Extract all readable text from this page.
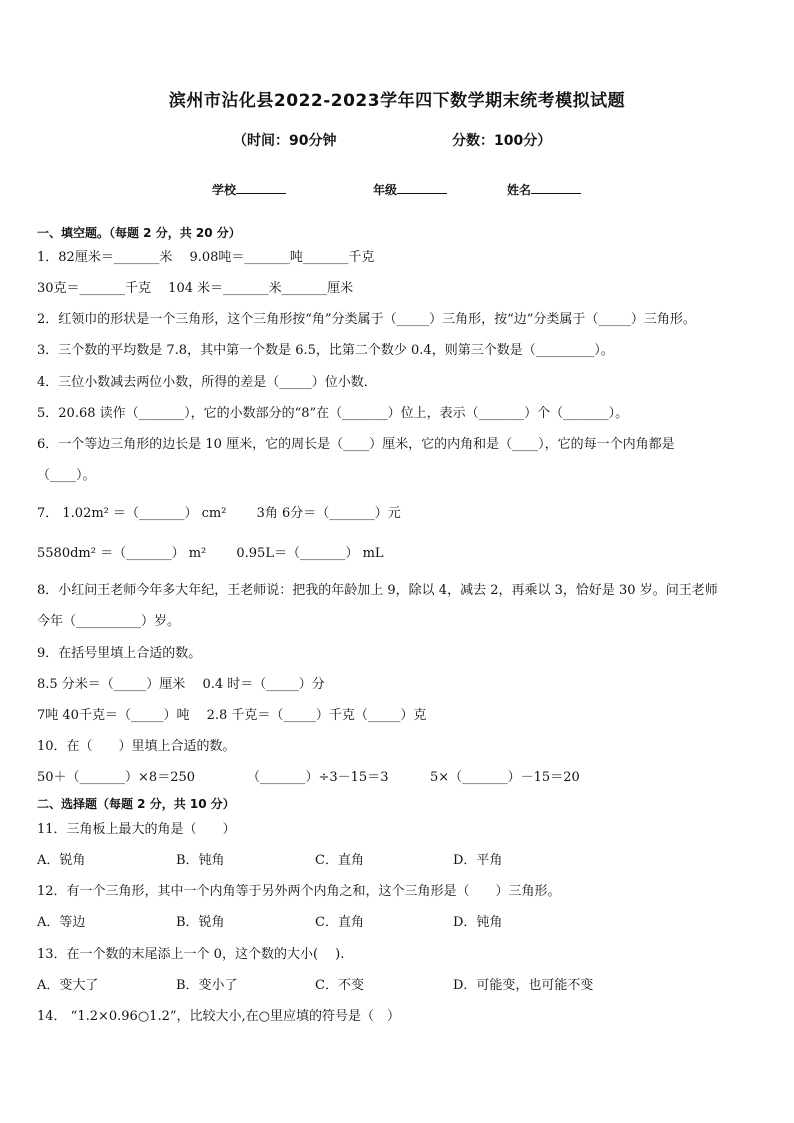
滨州市沾化县2022-2023学年四下数学期末统考模拟试题
（时间：90分钟	分数：100分）
学校	年级	姓名
一、填空题。（每题 2 分，共 20 分）
1．82厘米＝_______米　 9.08吨＝_______吨_______千克
30克＝_______千克　 104 米＝_______米_______厘米
2．红领巾的形状是一个三角形，这个三角形按“角”分类属于（_____）三角形，按“边”分类属于（_____）三角形。
3．三个数的平均数是 7.8，其中第一个数是 6.5，比第二个数少 0.4，则第三个数是（_________）。
4．三位小数减去两位小数，所得的差是（_____）位小数．
5．20.68 读作（_______），它的小数部分的“8”在（_______）位上，表示（_______）个（_______）。
6．一个等边三角形的边长是 10 厘米，它的周长是（____）厘米，它的内角和是（____），它的每一个内角都是
（____）。
7． 1.02m² ＝（_______） cm²　　 3角 6分＝（_______）元
5580dm² ＝（_______） m²　　 0.95L＝（_______） mL
8．小红问王老师今年多大年纪，王老师说：把我的年龄加上 9，除以 4，减去 2，再乘以 3，恰好是 30 岁。问王老师
今年（__________）岁。
9．在括号里填上合适的数。
8.5 分米＝（_____）厘米　 0.4 时＝（_____）分
7吨 40千克＝（_____）吨　 2.8 千克＝（_____）千克（_____）克
10．在（　　）里填上合适的数。
50＋（_______）×8＝250	（_______）÷3－15＝3	5×（_______）－15＝20
二、选择题（每题 2 分，共 10 分）
11．三角板上最大的角是（　　）
A．锐角	B．钝角	C．直角	D．平角
12．有一个三角形，其中一个内角等于另外两个内角之和，这个三角形是（　　）三角形。
A．等边	B．锐角	C．直角	D．钝角
13．在一个数的末尾添上一个 0，这个数的大小(　 ).
A．变大了	B．变小了	C．不变	D．可能变，也可能不变
14． “1.2×0.96○1.2”，比较大小,在○里应填的符号是（　）
